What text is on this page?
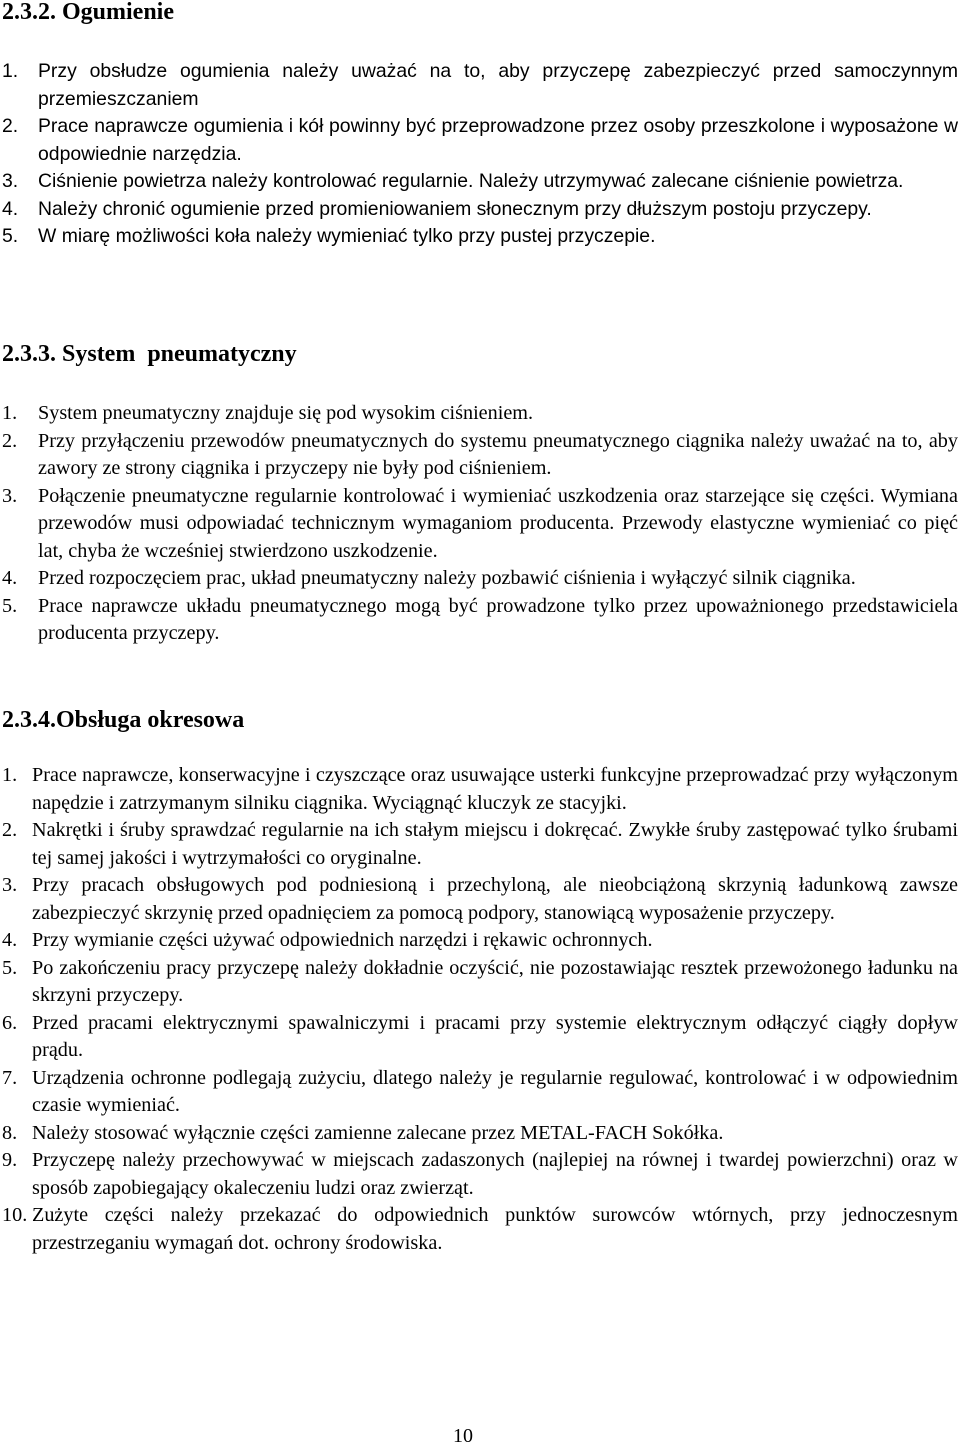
2.3.2. Ogumienie
1. Przy obsłudze ogumienia należy uważać na to, aby przyczepę zabezpieczyć przed samoczynnym przemieszczaniem
2. Prace naprawcze ogumienia i kół powinny być przeprowadzone przez osoby przeszkolone i wyposażone w odpowiednie narzędzia.
3. Ciśnienie powietrza należy kontrolować regularnie. Należy utrzymywać zalecane ciśnienie powietrza.
4. Należy chronić ogumienie przed promieniowaniem słonecznym przy dłuższym postoju przyczepy.
5. W miarę możliwości koła należy wymieniać tylko przy pustej przyczepie.
2.3.3. System  pneumatyczny
1. System pneumatyczny znajduje się pod wysokim ciśnieniem.
2. Przy przyłączeniu przewodów pneumatycznych do systemu pneumatycznego ciągnika należy uważać na to, aby zawory ze strony ciągnika i przyczepy nie były pod ciśnieniem.
3. Połączenie pneumatyczne regularnie kontrolować i wymieniać uszkodzenia oraz starzejące się części. Wymiana przewodów musi odpowiadać technicznym wymaganiom producenta. Przewody elastyczne wymieniać co pięć lat, chyba że wcześniej stwierdzono uszkodzenie.
4. Przed rozpoczęciem prac, układ pneumatyczny należy pozbawić ciśnienia i wyłączyć silnik ciągnika.
5. Prace naprawcze układu pneumatycznego mogą być prowadzone tylko przez upoważnionego przedstawiciela producenta przyczepy.
2.3.4.Obsługa okresowa
1. Prace naprawcze, konserwacyjne i czyszczące oraz usuwające usterki funkcyjne przeprowadzać przy wyłączonym napędzie i zatrzymanym silniku ciągnika. Wyciągnąć kluczyk ze stacyjki.
2. Nakrętki i śruby sprawdzać regularnie na ich stałym miejscu i dokręcać. Zwykłe śruby zastępować tylko śrubami tej samej jakości i wytrzymałości co oryginalne.
3. Przy pracach obsługowych pod podniesioną i przechyloną, ale nieobciążoną skrzynią ładunkową zawsze zabezpieczyć skrzynię przed opadnięciem za pomocą podpory, stanowiącą wyposażenie przyczepy.
4. Przy wymianie części używać odpowiednich narzędzi i rękawic ochronnych.
5. Po zakończeniu pracy przyczepę należy dokładnie oczyścić, nie pozostawiając resztek przewożonego ładunku na skrzyni przyczepy.
6. Przed pracami elektrycznymi spawalniczymi i pracami przy systemie elektrycznym odłączyć ciągły dopływ prądu.
7. Urządzenia ochronne podlegają zużyciu, dlatego należy je regularnie regulować, kontrolować i w odpowiednim czasie wymieniać.
8. Należy stosować wyłącznie części zamienne zalecane przez METAL-FACH Sokółka.
9. Przyczepę należy przechowywać w miejscach zadaszonych (najlepiej na równej i twardej powierzchni) oraz w sposób zapobiegający okaleczeniu ludzi oraz zwierząt.
10. Zużyte części należy przekazać do odpowiednich punktów surowców wtórnych, przy jednoczesnym przestrzeganiu wymagań dot. ochrony środowiska.
10
